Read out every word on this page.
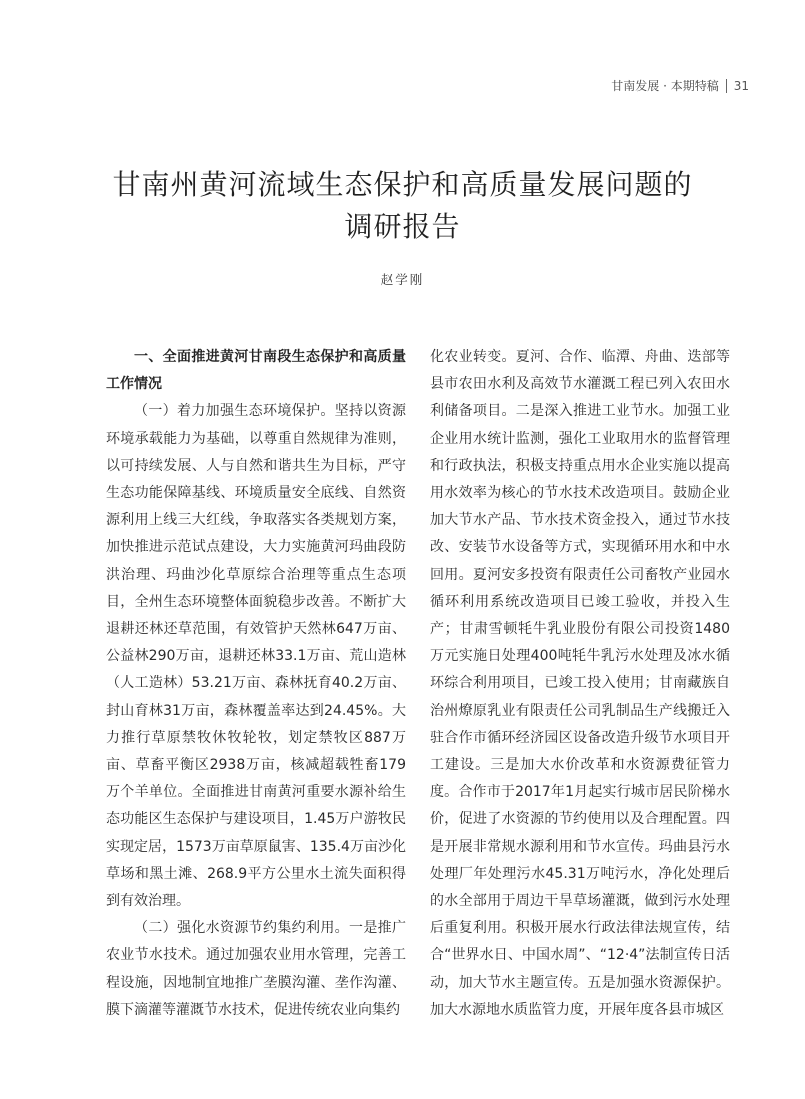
甘南发展 · 本期特稿 31
甘南州黄河流域生态保护和高质量发展问题的
调研报告
赵学刚

一、全面推进黄河甘南段生态保护和高质量工作情况

（一）着力加强生态环境保护。坚持以资源环境承载能力为基础，以尊重自然规律为准则，以可持续发展、人与自然和谐共生为目标，严守生态功能保障基线、环境质量安全底线、自然资源利用上线三大红线，争取落实各类规划方案，加快推进示范试点建设，大力实施黄河玛曲段防洪治理、玛曲沙化草原综合治理等重点生态项目，全州生态环境整体面貌稳步改善。不断扩大退耕还林还草范围，有效管护天然林647万亩、公益林290万亩，退耕还林33.1万亩、荒山造林（人工造林）53.21万亩、森林抚育40.2万亩、封山育林31万亩，森林覆盖率达到24.45%。大力推行草原禁牧休牧轮牧，划定禁牧区887万亩、草畜平衡区2938万亩，核减超载牲畜179万个羊单位。全面推进甘南黄河重要水源补给生态功能区生态保护与建设项目，1.45万户游牧民实现定居，1573万亩草原鼠害、135.4万亩沙化草场和黑土滩、268.9平方公里水土流失面积得到有效治理。

（二）强化水资源节约集约利用。一是推广农业节水技术。通过加强农业用水管理，完善工程设施，因地制宜地推广垄膜沟灌、垄作沟灌、膜下滴灌等灌溉节水技术，促进传统农业向集约

化农业转变。夏河、合作、临潭、舟曲、迭部等县市农田水利及高效节水灌溉工程已列入农田水利储备项目。二是深入推进工业节水。加强工业企业用水统计监测，强化工业取用水的监督管理和行政执法，积极支持重点用水企业实施以提高用水效率为核心的节水技术改造项目。鼓励企业加大节水产品、节水技术资金投入，通过节水技改、安装节水设备等方式，实现循环用水和中水回用。夏河安多投资有限责任公司畜牧产业园水循环利用系统改造项目已竣工验收，并投入生产；甘肃雪顿牦牛乳业股份有限公司投资1480万元实施日处理400吨牦牛乳污水处理及冰水循环综合利用项目，已竣工投入使用；甘南藏族自治州燎原乳业有限责任公司乳制品生产线搬迁入驻合作市循环经济园区设备改造升级节水项目开工建设。三是加大水价改革和水资源费征管力度。合作市于2017年1月起实行城市居民阶梯水价，促进了水资源的节约使用以及合理配置。四是开展非常规水源利用和节水宣传。玛曲县污水处理厂年处理污水45.31万吨污水，净化处理后的水全部用于周边干旱草场灌溉，做到污水处理后重复利用。积极开展水行政法律法规宣传，结合“世界水日、中国水周”、“12·4”法制宣传日活动，加大节水主题宣传。五是加强水资源保护。加大水源地水质监管力度，开展年度各县市城区
